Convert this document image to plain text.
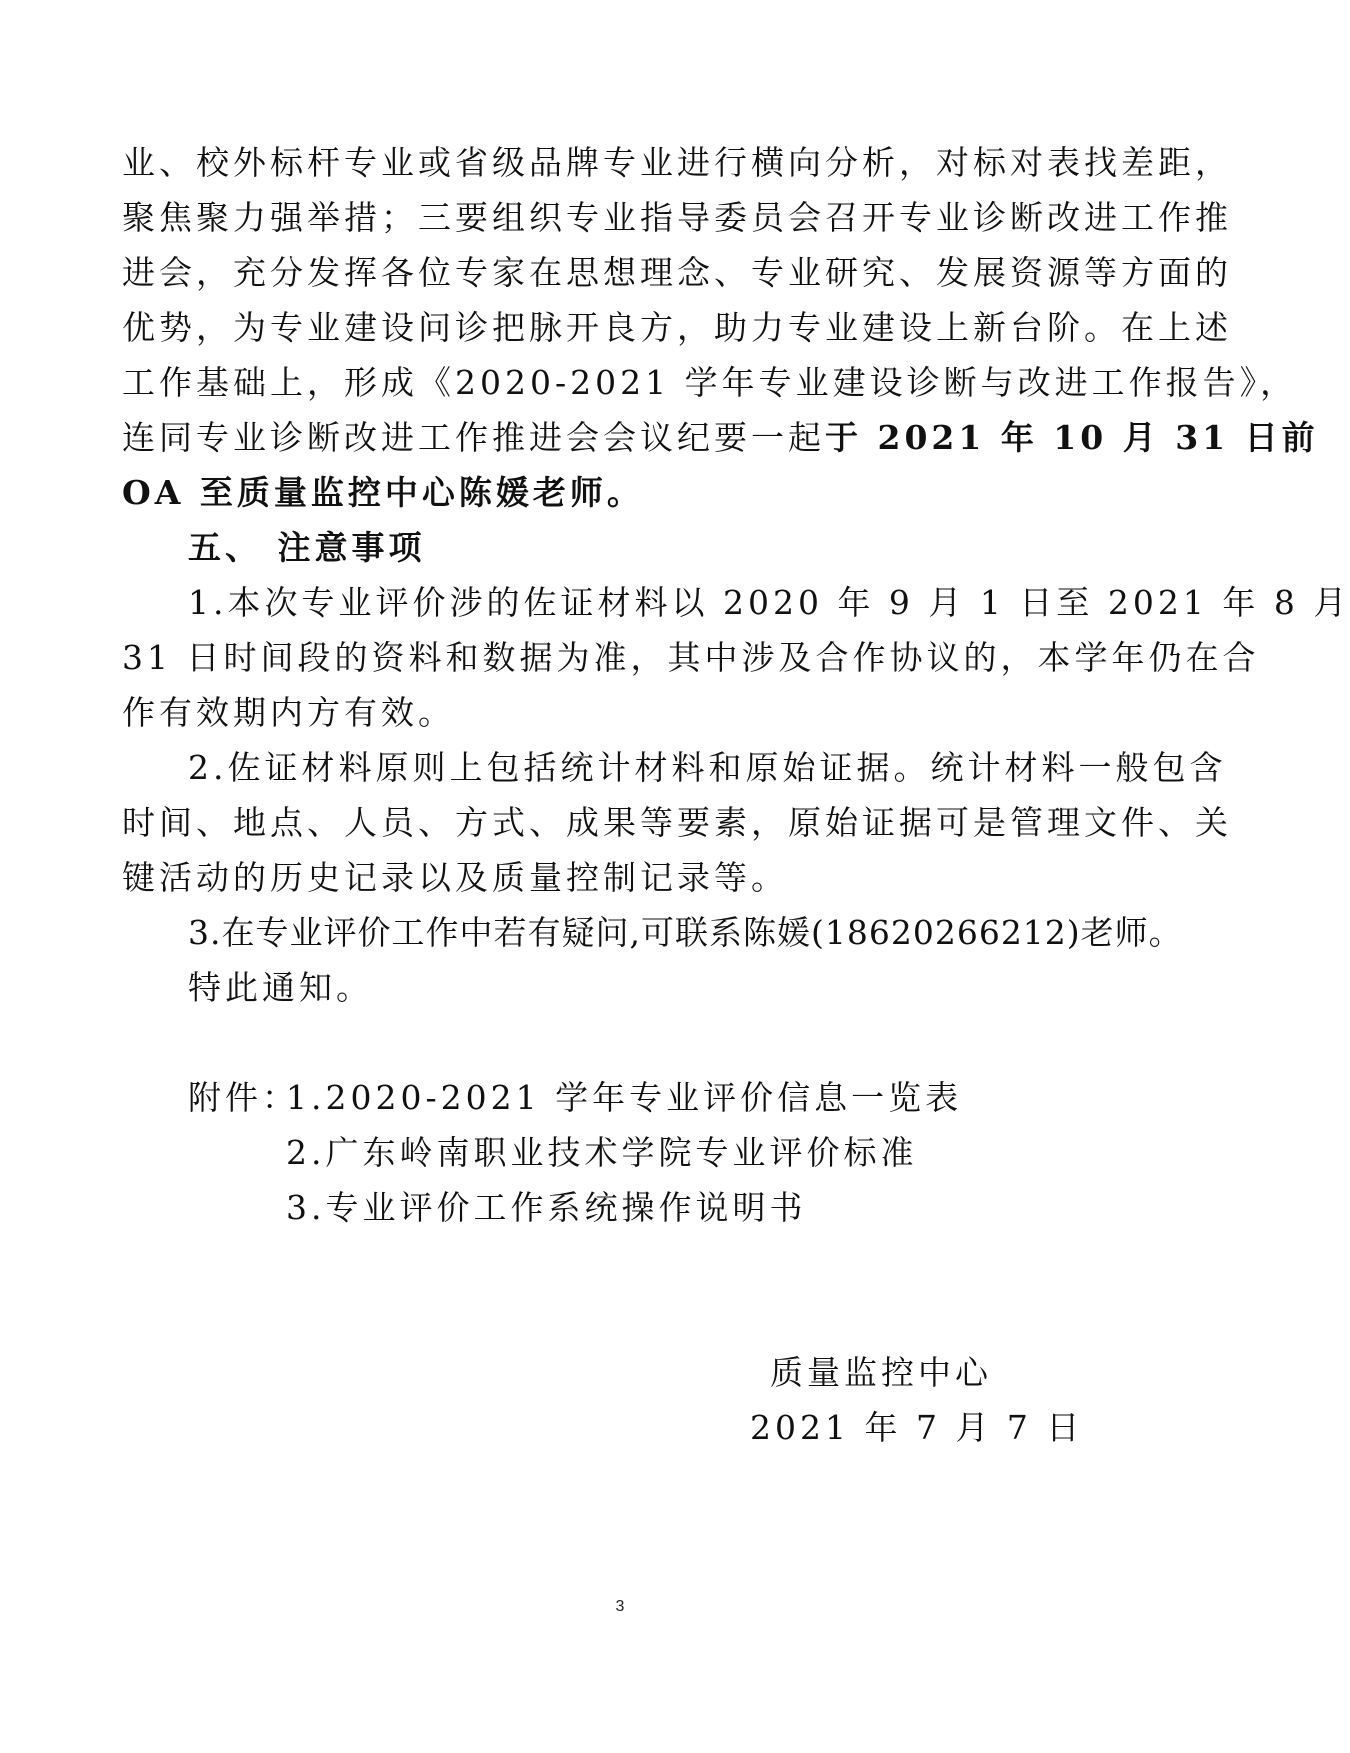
业、校外标杆专业或省级品牌专业进行横向分析，对标对表找差距，
聚焦聚力强举措；三要组织专业指导委员会召开专业诊断改进工作推
进会，充分发挥各位专家在思想理念、专业研究、发展资源等方面的
优势，为专业建设问诊把脉开良方，助力专业建设上新台阶。在上述
工作基础上，形成《2020-2021 学年专业建设诊断与改进工作报告》，
连同专业诊断改进工作推进会会议纪要一起于 2021 年 10 月 31 日前
OA 至质量监控中心陈媛老师。
五、 注意事项
1.本次专业评价涉的佐证材料以 2020 年 9 月 1 日至 2021 年 8 月
31 日时间段的资料和数据为准，其中涉及合作协议的，本学年仍在合
作有效期内方有效。
2.佐证材料原则上包括统计材料和原始证据。统计材料一般包含
时间、地点、人员、方式、成果等要素，原始证据可是管理文件、关
键活动的历史记录以及质量控制记录等。
3.在专业评价工作中若有疑问,可联系陈媛(18620266212)老师。
特此通知。
附件：
1.2020-2021 学年专业评价信息一览表
2.广东岭南职业技术学院专业评价标准
3.专业评价工作系统操作说明书
质量监控中心
2021 年 7 月 7 日
3
